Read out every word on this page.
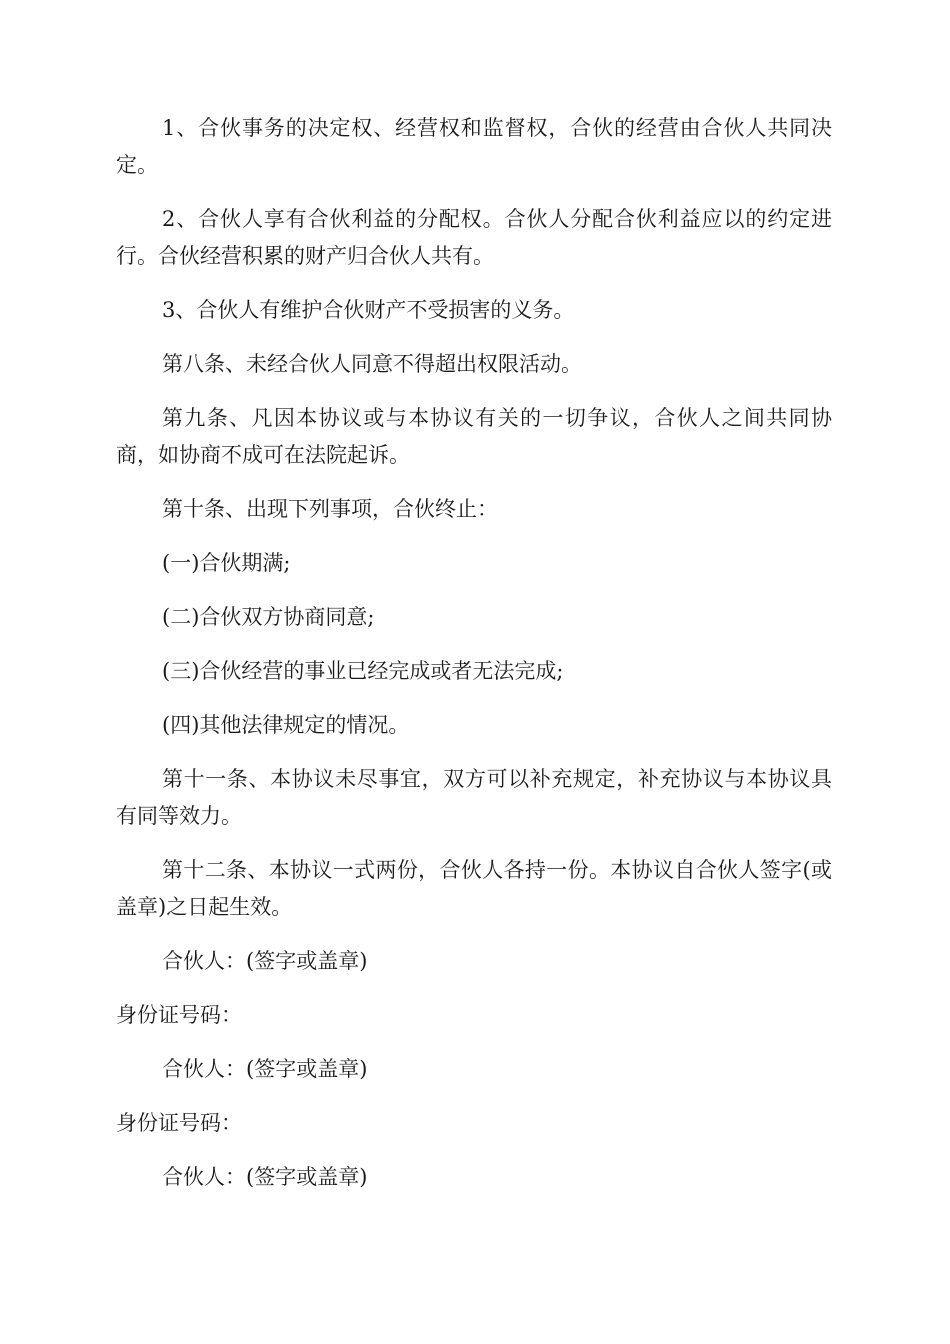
1、合伙事务的决定权、经营权和监督权，合伙的经营由合伙人共同决定。

2、合伙人享有合伙利益的分配权。合伙人分配合伙利益应以的约定进行。合伙经营积累的财产归合伙人共有。

3、合伙人有维护合伙财产不受损害的义务。

第八条、未经合伙人同意不得超出权限活动。

第九条、凡因本协议或与本协议有关的一切争议，合伙人之间共同协商，如协商不成可在法院起诉。

第十条、出现下列事项，合伙终止：

(一)合伙期满;

(二)合伙双方协商同意;

(三)合伙经营的事业已经完成或者无法完成;

(四)其他法律规定的情况。

第十一条、本协议未尽事宜，双方可以补充规定，补充协议与本协议具有同等效力。

第十二条、本协议一式两份，合伙人各持一份。本协议自合伙人签字(或盖章)之日起生效。

合伙人：(签字或盖章)

身份证号码：

合伙人：(签字或盖章)

身份证号码：

合伙人：(签字或盖章)
